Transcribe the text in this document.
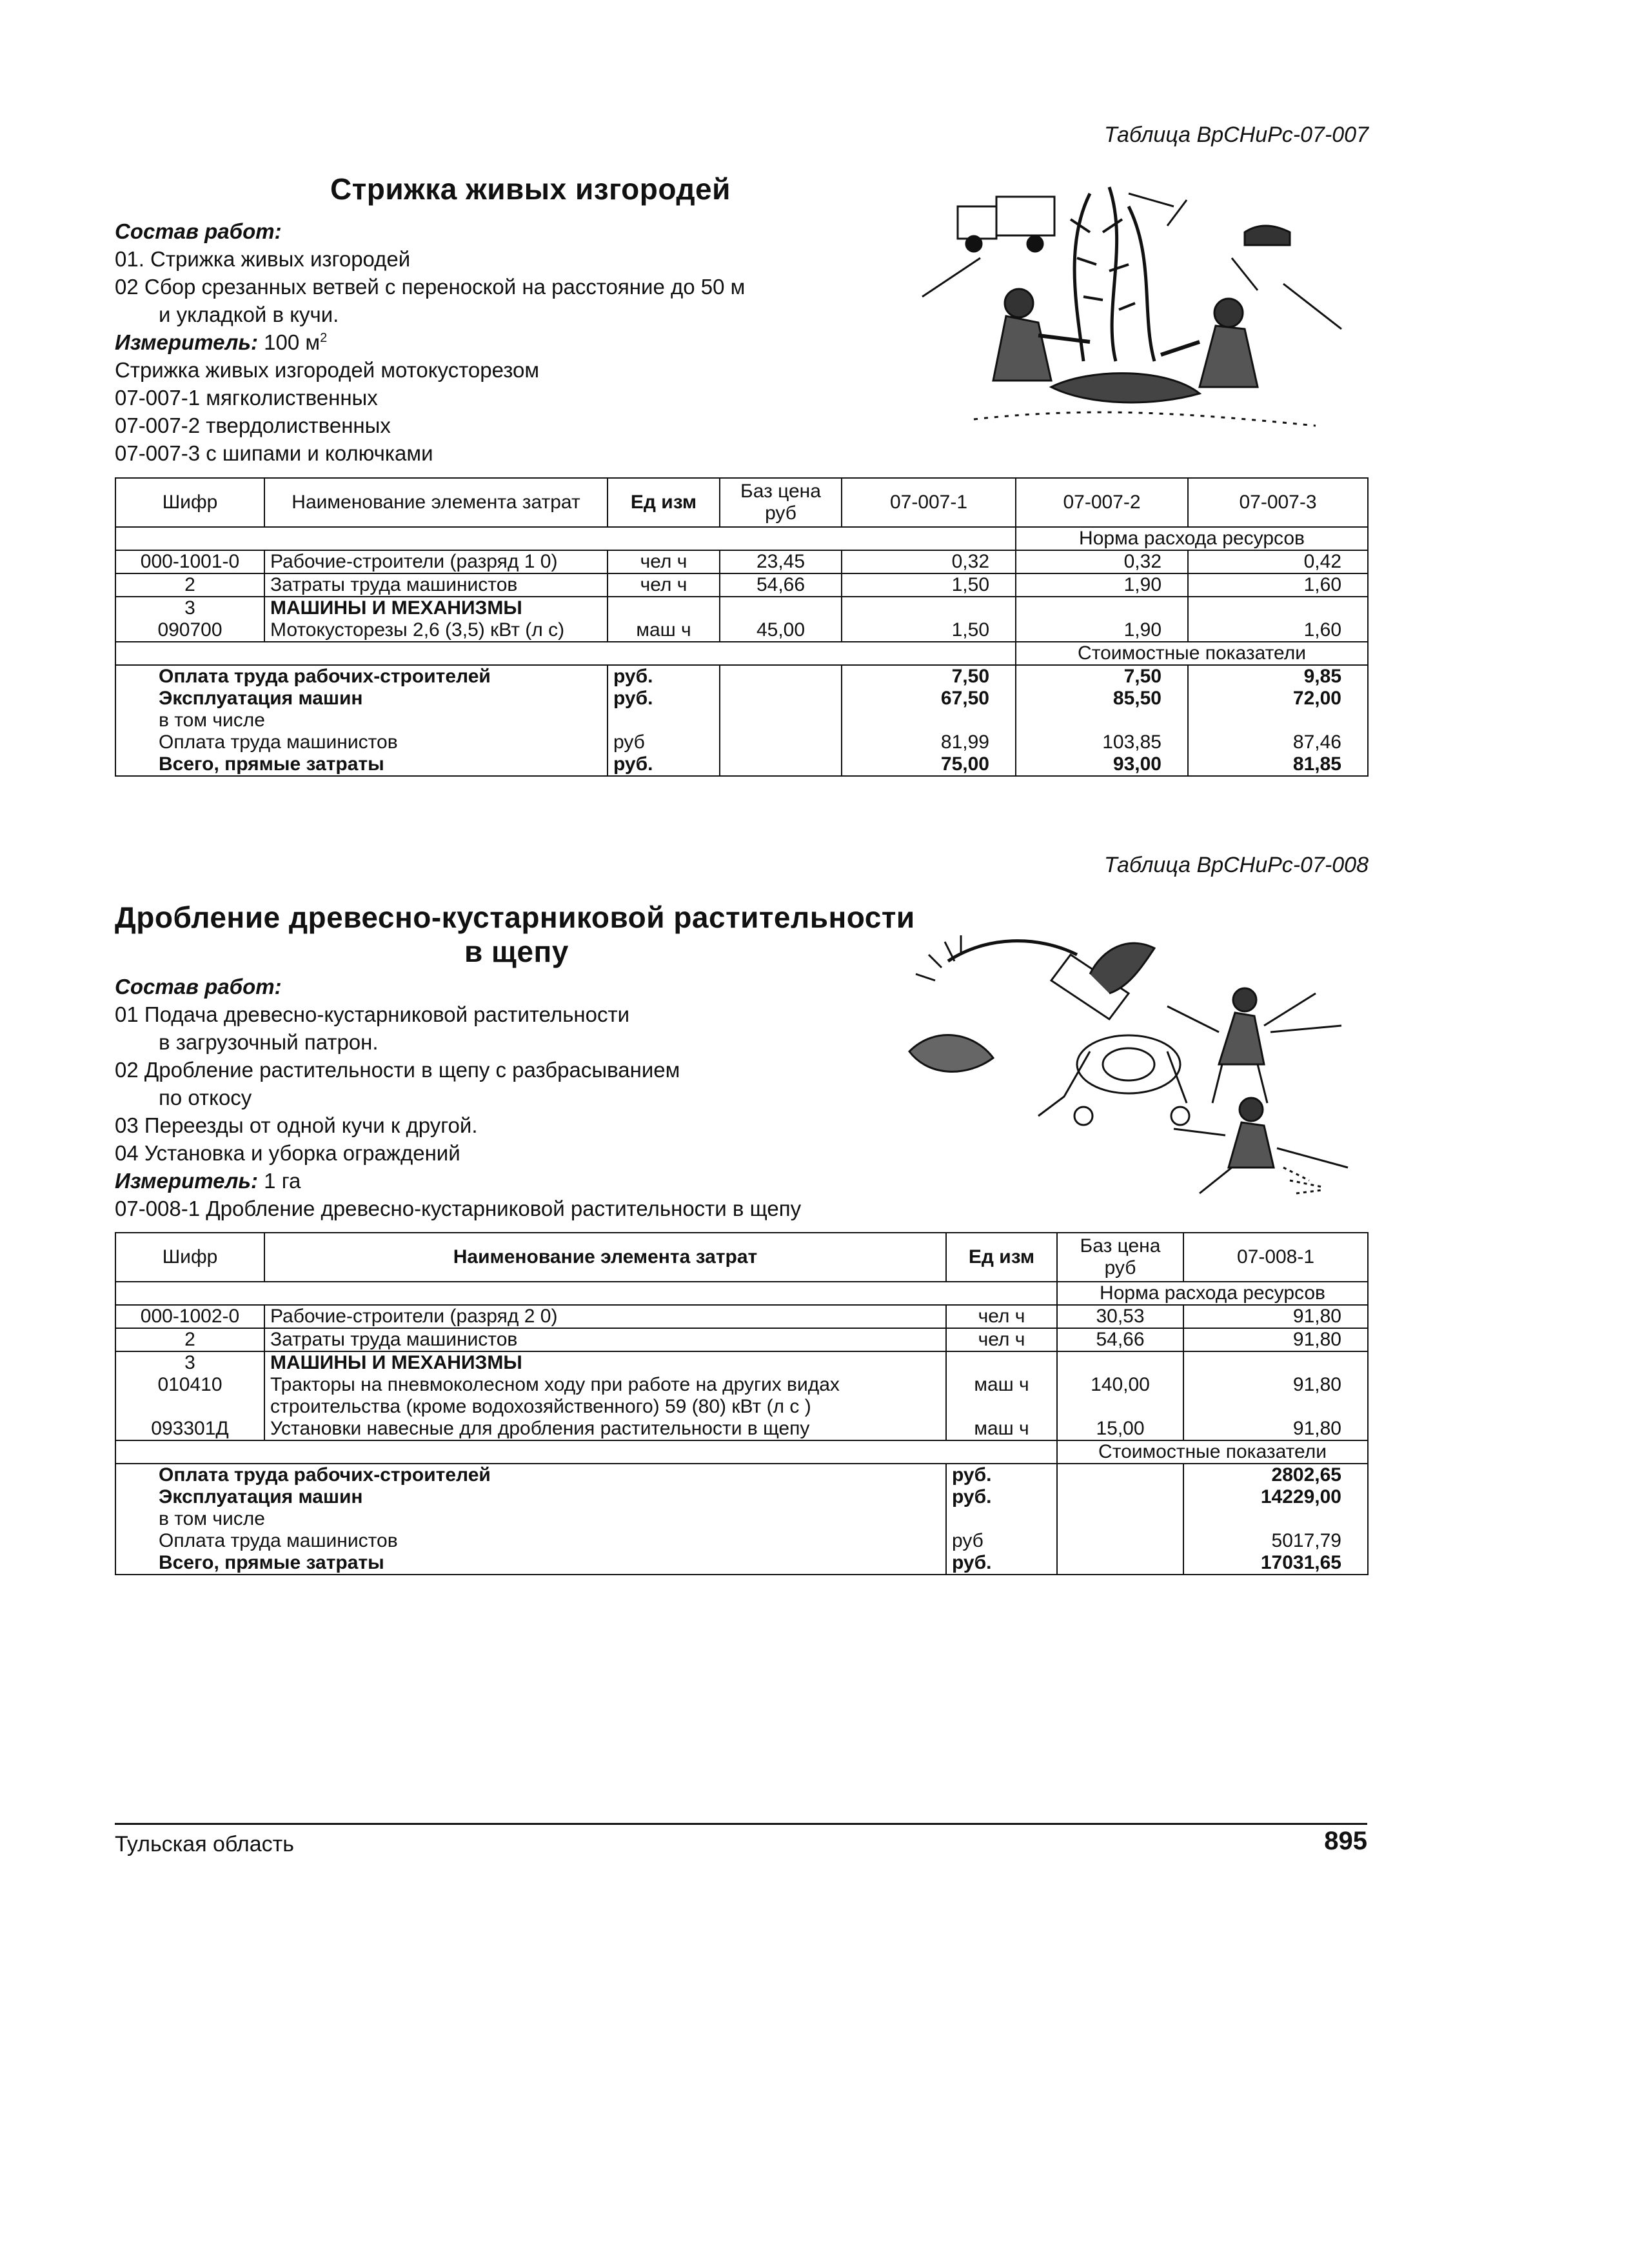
Таблица ВрСНиРс-07-007
Стрижка живых изгородей
Состав работ:
01. Стрижка живых изгородей
02 Сбор срезанных ветвей с переноской на расстояние до 50 м
и укладкой в кучи.
Измеритель: 100 $м^2$
Стрижка живых изгородей мотокусторезом
07-007-1 мягколиственных
07-007-2 твердолиственных
07-007-3 с шипами и колючками
Шифр	Наименование элемента затрат	Ед изм	Баз цена руб	07-007-1	07-007-2	07-007-3
					Норма расхода ресурсов	
000-1001-0	Рабочие-строители (разряд 1 0)	чел ч	23,45	0,32	0,32	0,42
2	Затраты труда машинистов	чел ч	54,66	1,50	1,90	1,60
3	МАШИНЫ И МЕХАНИЗМЫ					
090700	Мотокусторезы 2,6 (3,5) кВт (л с)	маш ч	45,00	1,50	1,90	1,60
					Стоимостные показатели	
Оплата труда рабочих-строителей		руб.		7,50	7,50	9,85
Эксплуатация машин		руб.		67,50	85,50	72,00
в том числе						
Оплата труда машинистов		руб		81,99	103,85	87,46
Всего, прямые затраты		руб.		75,00	93,00	81,85
Таблица ВрСНиРс-07-008
Дробление древесно-кустарниковой растительности
в щепу
Состав работ:
01 Подача древесно-кустарниковой растительности
в загрузочный патрон.
02 Дробление растительности в щепу с разбрасыванием
по откосу
03 Переезды от одной кучи к другой.
04 Установка и уборка ограждений
Измеритель: 1 га
07-008-1 Дробление древесно-кустарниковой растительности в щепу
Шифр	Наименование элемента затрат	Ед изм	Баз цена руб	07-008-1
			Норма расхода ресурсов	
000-1002-0	Рабочие-строители (разряд 2 0)	чел ч	30,53	91,80
2	Затраты труда машинистов	чел ч	54,66	91,80
3	МАШИНЫ И МЕХАНИЗМЫ			
010410	Тракторы на пневмоколесном ходу при работе на других видах	маш ч	140,00	91,80
	строительства (кроме водохозяйственного) 59 (80) кВт (л с )			
093301Д	Установки навесные для дробления растительности в щепу	маш ч	15,00	91,80
			Стоимостные показатели	
Оплата труда рабочих-строителей		руб.		2802,65
Эксплуатация машин		руб.		14229,00
в том числе				
Оплата труда машинистов		руб		5017,79
Всего, прямые затраты		руб.		17031,65
Тульская область	895
